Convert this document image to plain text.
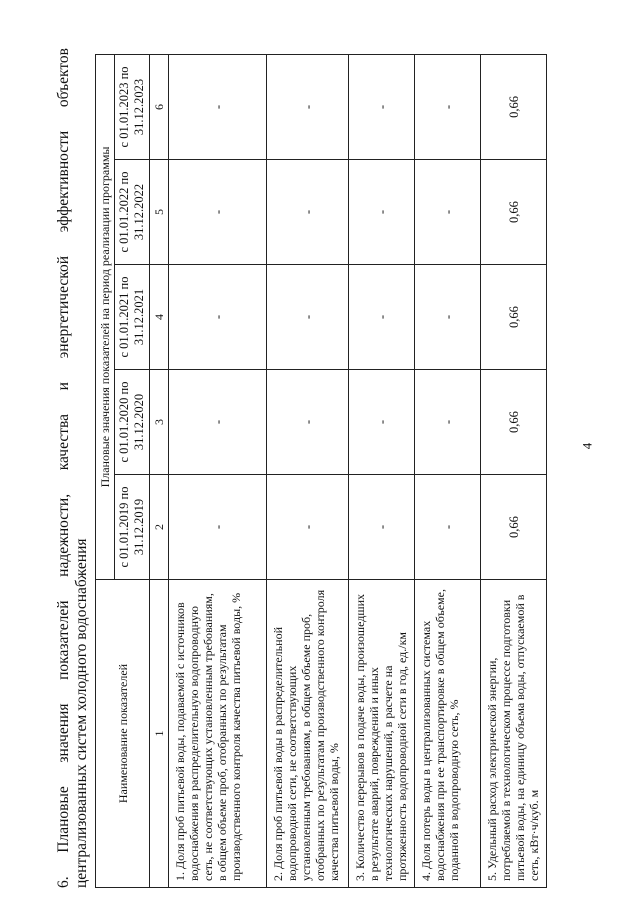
4
6. Плановые значения показателей надежности, качества и энергетической эффективности объектов централизованных систем холодного водоснабжения Наименование показателей	Плановые значения показателей на период реализации программы				
	с 01.01.2019 по 31.12.2019	с 01.01.2020 по 31.12.2020	с 01.01.2021 по 31.12.2021	с 01.01.2022 по 31.12.2022	с 01.01.2023 по 31.12.2023
1	2	3	4	5	6
1. Доля проб питьевой воды, подаваемой с источников водоснабжения в распределительную водопроводную сеть, не соответствующих установленным требованиям, в общем объеме проб, отобранных по результатам производственного контроля качества питьевой воды, %	-	-	-	-	-
2. Доля проб питьевой воды в распределительной водопроводной сети, не соответствующих установленным требованиям, в общем объеме проб, отобранных по результатам производственного контроля качества питьевой воды, %	-	-	-	-	-
3. Количество перерывов в подаче воды, произошедших в результате аварий, повреждений и иных технологических нарушений, в расчете на протяженность водопроводной сети в год, ед./км	-	-	-	-	-
4. Доля потерь воды в централизованных системах водоснабжения при ее транспортировке в общем объеме, поданной в водопроводную сеть, %	-	-	-	-	-
5. Удельный расход электрической энергии, потребляемой в технологическом процессе подготовки питьевой воды, на единицу объема воды, отпускаемой в сеть, кВт·ч/куб. м	0,66	0,66	0,66	0,66	0,66
